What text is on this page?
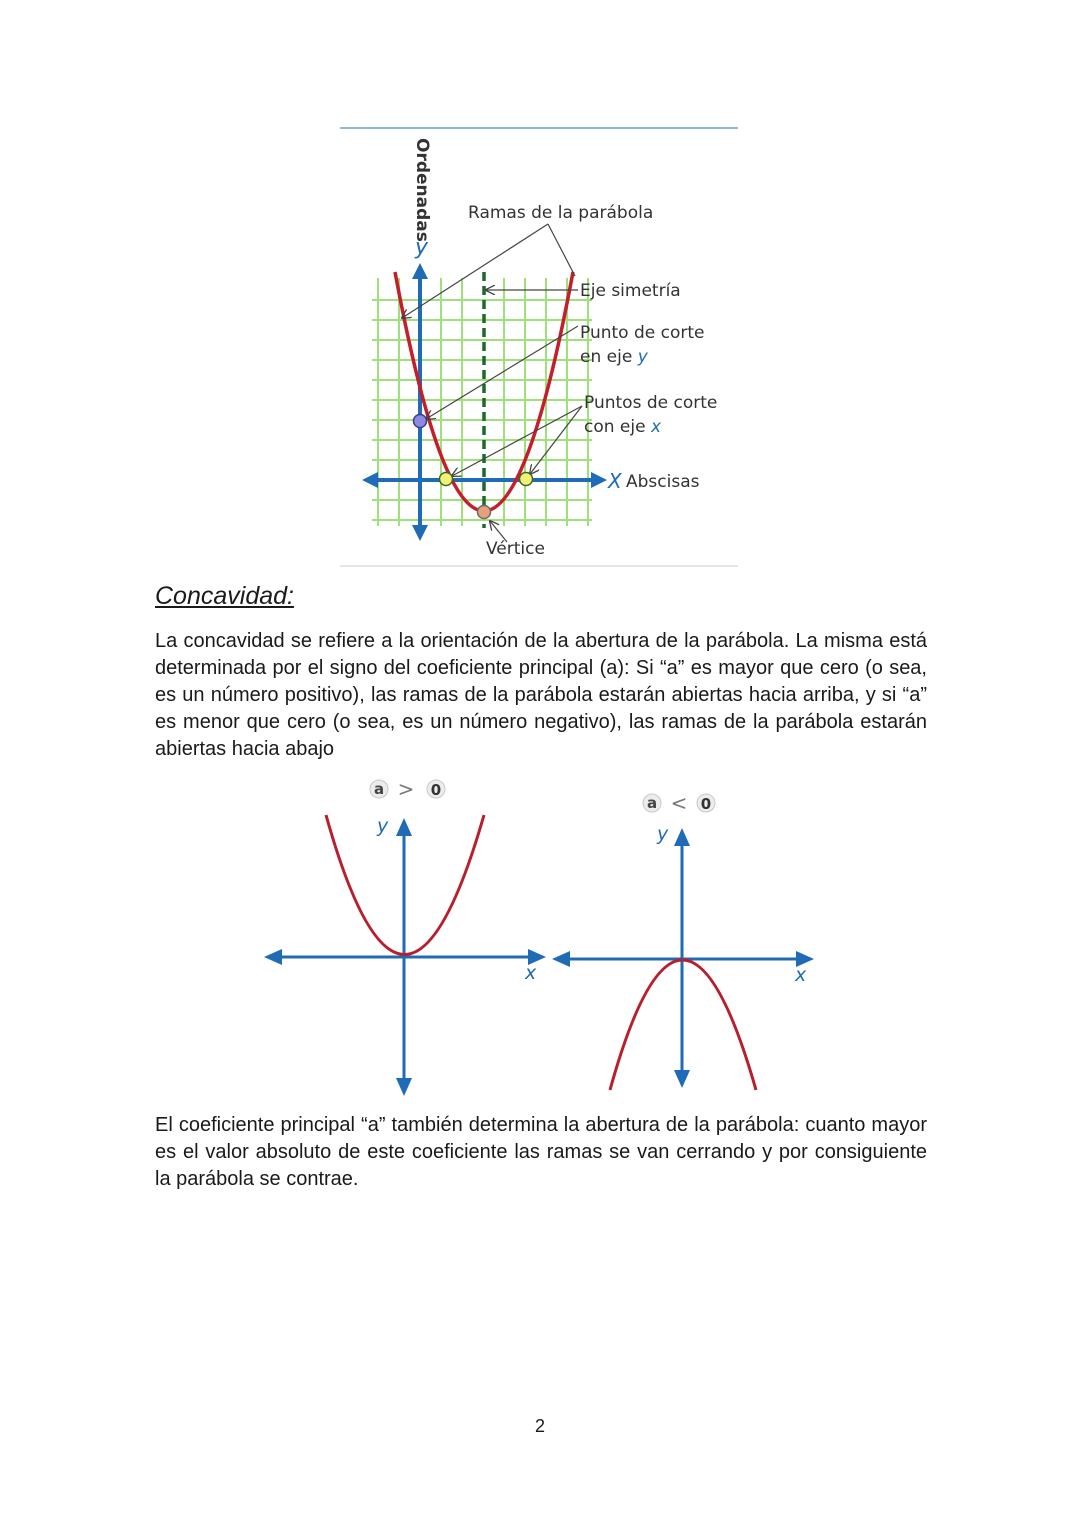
Ordenadas
y
Ramas de la parábola
Eje simetría
Punto de corte
en eje y
Puntos de corte
con eje x
X Abscisas
Vértice
Concavidad:

La concavidad se refiere a la orientación de la abertura de la parábola. La misma está determinada por el signo del coeficiente principal (a): Si “a” es mayor que cero (o sea, es un número positivo), las ramas de la parábola estarán abiertas hacia arriba, y si “a” es menor que cero (o sea, es un número negativo), las ramas de la parábola estarán abiertas hacia abajo

a > 0
y
x
a < 0
y
x

El coeficiente principal “a” también determina la abertura de la parábola: cuanto mayor es el valor absoluto de este coeficiente las ramas se van cerrando y por consiguiente la parábola se contrae.

2
